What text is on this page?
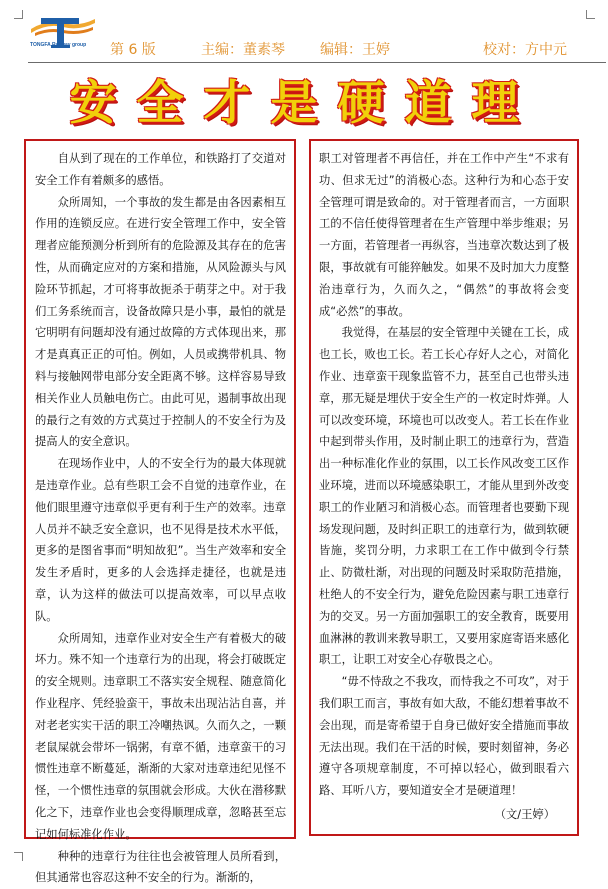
TONGFA Railway group 第 6 版	主编：董素琴	编辑：王婷	校对：方中元
安全才是硬道理

自从到了现在的工作单位，和铁路打了交道对安全工作有着颇多的感悟。

众所周知，一个事故的发生都是由各因素相互作用的连锁反应。在进行安全管理工作中，安全管理者应能预测分析到所有的危险源及其存在的危害性，从而确定应对的方案和措施，从风险源头与风险环节抓起，才可将事故扼杀于萌芽之中。对于我们工务系统而言，设备故障只是小事，最怕的就是它明明有问题却没有通过故障的方式体现出来，那才是真真正正的可怕。例如，人员或携带机具、物料与接触网带电部分安全距离不够。这样容易导致相关作业人员触电伤亡。由此可见，遏制事故出现的最行之有效的方式莫过于控制人的不安全行为及提高人的安全意识。

在现场作业中，人的不安全行为的最大体现就是违章作业。总有些职工会不自觉的违章作业，在他们眼里遵守违章似乎更有利于生产的效率。违章人员并不缺乏安全意识，也不见得是技术水平低，更多的是图省事而“明知故犯”。当生产效率和安全发生矛盾时，更多的人会选择走捷径，也就是违章，认为这样的做法可以提高效率，可以早点收队。

众所周知，违章作业对安全生产有着极大的破坏力。殊不知一个违章行为的出现，将会打破既定的安全规则。违章职工不落实安全规程、随意简化作业程序、凭经验蛮干，事故未出现沾沾自喜，并对老老实实干活的职工冷嘲热讽。久而久之，一颗老鼠屎就会带坏一锅粥，有章不循，违章蛮干的习惯性违章不断蔓延，渐渐的大家对违章违纪见怪不怪，一个惯性违章的氛围就会形成。大伙在潜移默化之下，违章作业也会变得顺理成章，忽略甚至忘记如何标准化作业。

种种的违章行为往往也会被管理人员所看到，但其通常也容忍这种不安全的行为。渐渐的，

职工对管理者不再信任，并在工作中产生“不求有功、但求无过”的消极心态。这种行为和心态于安全管理可谓是致命的。对于管理者而言，一方面职工的不信任使得管理者在生产管理中举步维艰；另一方面，若管理者一再纵容，当违章次数达到了极限，事故就有可能猝触发。如果不及时加大力度整治违章行为，久而久之，“偶然”的事故将会变成“必然”的事故。

我觉得，在基层的安全管理中关键在工长，成也工长，败也工长。若工长心存好人之心，对简化作业、违章蛮干现象监管不力，甚至自己也带头违章，那无疑是埋伏于安全生产的一枚定时炸弹。人可以改变环境，环境也可以改变人。若工长在作业中起到带头作用，及时制止职工的违章行为，营造出一种标准化作业的氛围，以工长作风改变工区作业环境，进而以环境感染职工，才能从里到外改变职工的作业陋习和消极心态。而管理者也要勤下现场发现问题，及时纠正职工的违章行为，做到软硬皆施，奖罚分明，力求职工在工作中做到令行禁止、防微杜渐，对出现的问题及时采取防范措施，杜绝人的不安全行为，避免危险因素与职工违章行为的交叉。另一方面加强职工的安全教育，既要用血淋淋的教训来教导职工，又要用家庭寄语来感化职工，让职工对安全心存敬畏之心。

“毋不恃敌之不我攻，而恃我之不可攻”，对于我们职工而言，事故有如大敌，不能幻想着事故不会出现，而是寄希望于自身已做好安全措施而事故无法出现。我们在干活的时候，要时刻留神，务必遵守各项规章制度，不可掉以轻心，做到眼看六路、耳听八方，要知道安全才是硬道理！

（文/王婷）
